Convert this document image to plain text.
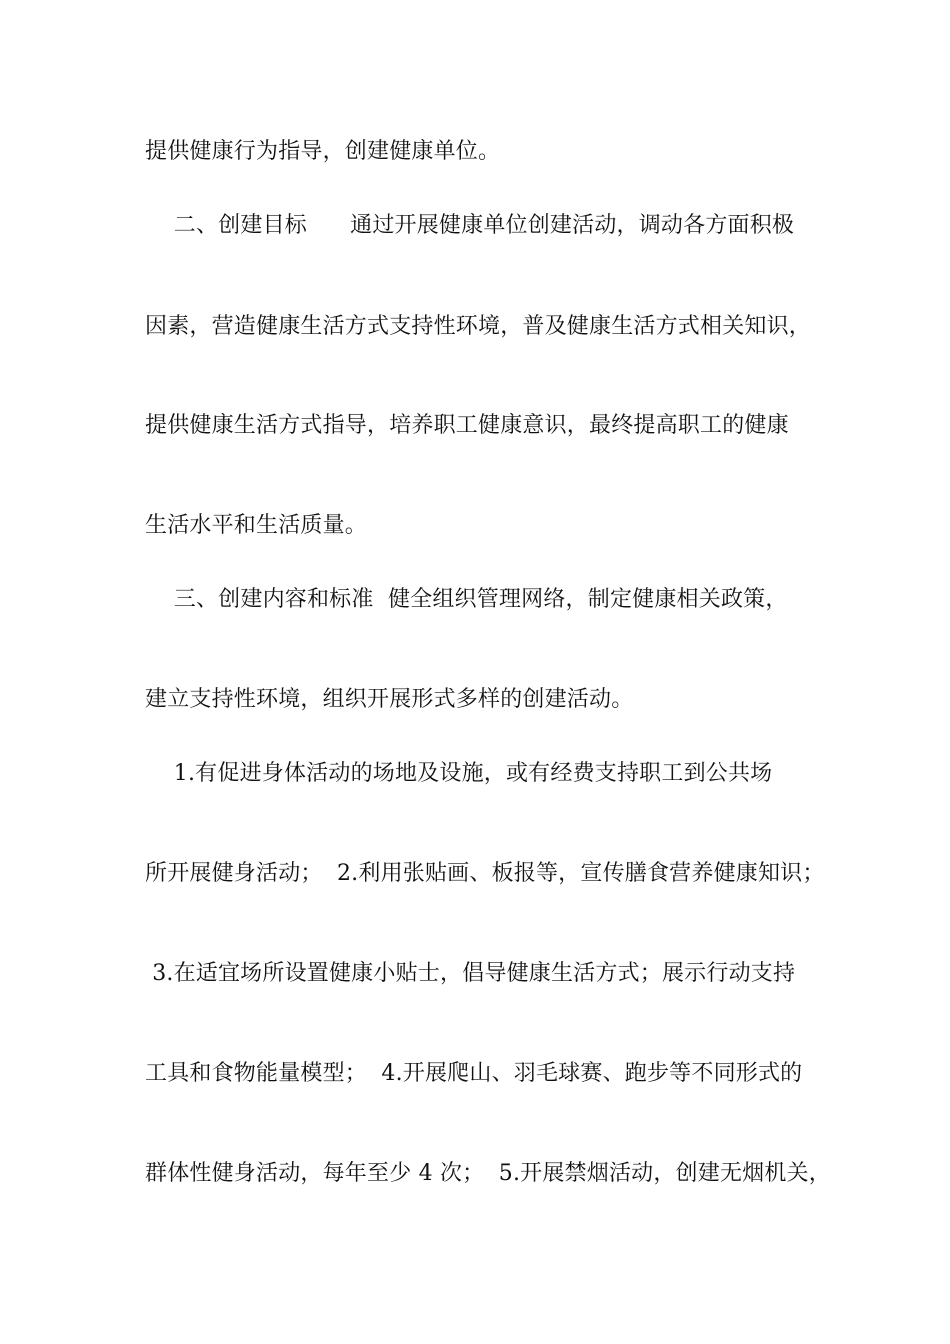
提供健康行为指导，创建健康单位。
二、创建目标      通过开展健康单位创建活动，调动各方面积极
因素，营造健康生活方式支持性环境，普及健康生活方式相关知识，
提供健康生活方式指导，培养职工健康意识，最终提高职工的健康
生活水平和生活质量。
三、创建内容和标准  健全组织管理网络，制定健康相关政策，
建立支持性环境，组织开展形式多样的创建活动。
1.有促进身体活动的场地及设施，或有经费支持职工到公共场
所开展健身活动；  2.利用张贴画、板报等，宣传膳食营养健康知识；
3.在适宜场所设置健康小贴士，倡导健康生活方式；展示行动支持
工具和食物能量模型；  4.开展爬山、羽毛球赛、跑步等不同形式的
群体性健身活动，每年至少 4 次；  5.开展禁烟活动，创建无烟机关，
